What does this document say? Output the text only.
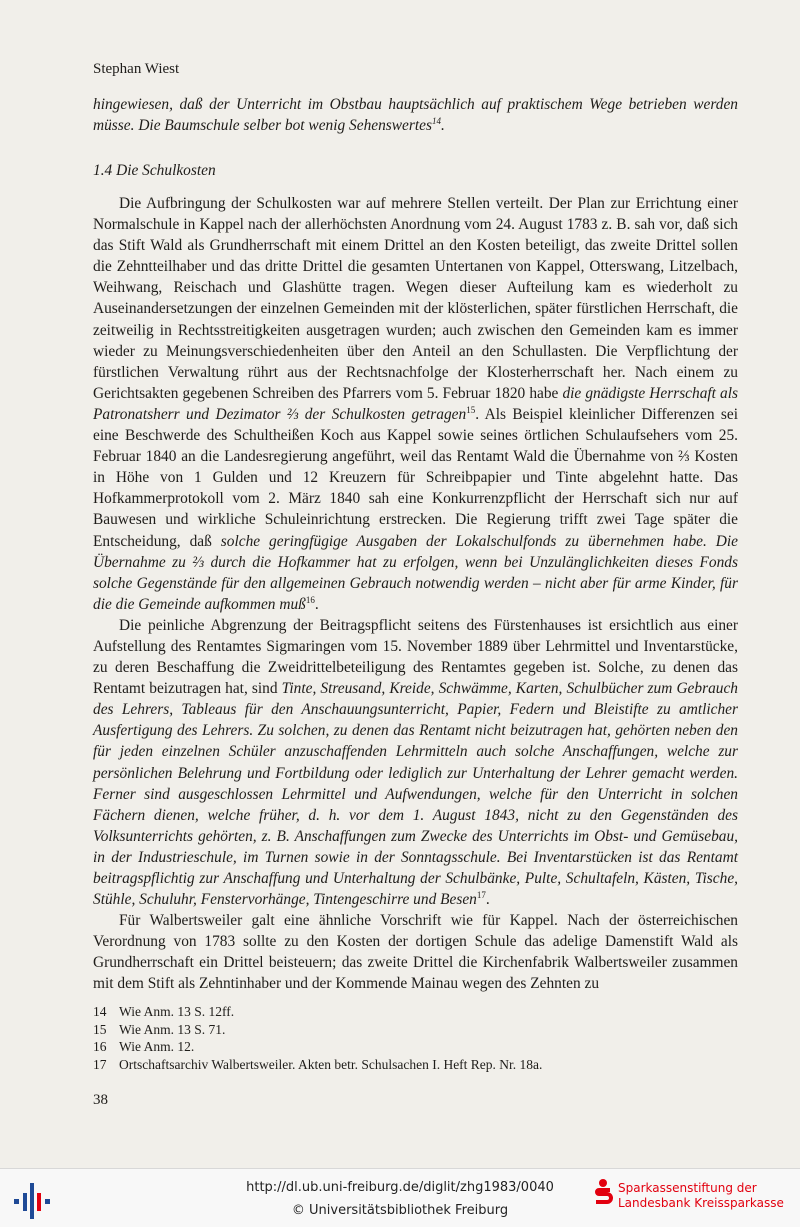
Stephan Wiest

hingewiesen, daß der Unterricht im Obstbau hauptsächlich auf praktischem Wege betrieben werden müsse. Die Baumschule selber bot wenig Sehenswertes$^{14}$.

1.4 Die Schulkosten

Die Aufbringung der Schulkosten war auf mehrere Stellen verteilt. Der Plan zur Errichtung einer Normalschule in Kappel nach der allerhöchsten Anordnung vom 24. August 1783 z. B. sah vor, daß sich das Stift Wald als Grundherrschaft mit einem Drittel an den Kosten beteiligt, das zweite Drittel sollen die Zehntteilhaber und das dritte Drittel die gesamten Untertanen von Kappel, Otterswang, Litzelbach, Weihwang, Reischach und Glashütte tragen. Wegen dieser Aufteilung kam es wiederholt zu Auseinandersetzungen der einzelnen Gemeinden mit der klösterlichen, später fürstlichen Herrschaft, die zeitweilig in Rechtsstreitigkeiten ausgetragen wurden; auch zwischen den Gemeinden kam es immer wieder zu Meinungsverschiedenheiten über den Anteil an den Schullasten. Die Verpflichtung der fürstlichen Verwaltung rührt aus der Rechtsnachfolge der Klosterherrschaft her. Nach einem zu Gerichtsakten gegebenen Schreiben des Pfarrers vom 5. Februar 1820 habe die gnädigste Herrschaft als Patronatsherr und Dezimator ⅔ der Schulkosten getragen$^{15}$. Als Beispiel kleinlicher Differenzen sei eine Beschwerde des Schultheißen Koch aus Kappel sowie seines örtlichen Schulaufsehers vom 25. Februar 1840 an die Landesregierung angeführt, weil das Rentamt Wald die Übernahme von ⅔ Kosten in Höhe von 1 Gulden und 12 Kreuzern für Schreibpapier und Tinte abgelehnt hatte. Das Hofkammerprotokoll vom 2. März 1840 sah eine Konkurrenzpflicht der Herrschaft sich nur auf Bauwesen und wirkliche Schuleinrichtung erstrecken. Die Regierung trifft zwei Tage später die Entscheidung, daß solche geringfügige Ausgaben der Lokalschulfonds zu übernehmen habe. Die Übernahme zu ⅔ durch die Hofkammer hat zu erfolgen, wenn bei Unzulänglichkeiten dieses Fonds solche Gegenstände für den allgemeinen Gebrauch notwendig werden – nicht aber für arme Kinder, für die die Gemeinde aufkommen muß$^{16}$.

Die peinliche Abgrenzung der Beitragspflicht seitens des Fürstenhauses ist ersichtlich aus einer Aufstellung des Rentamtes Sigmaringen vom 15. November 1889 über Lehrmittel und Inventarstücke, zu deren Beschaffung die Zweidrittelbeteiligung des Rentamtes gegeben ist. Solche, zu denen das Rentamt beizutragen hat, sind Tinte, Streusand, Kreide, Schwämme, Karten, Schulbücher zum Gebrauch des Lehrers, Tableaus für den Anschauungsunterricht, Papier, Federn und Bleistifte zu amtlicher Ausfertigung des Lehrers. Zu solchen, zu denen das Rentamt nicht beizutragen hat, gehörten neben den für jeden einzelnen Schüler anzuschaffenden Lehrmitteln auch solche Anschaffungen, welche zur persönlichen Belehrung und Fortbildung oder lediglich zur Unterhaltung der Lehrer gemacht werden. Ferner sind ausgeschlossen Lehrmittel und Aufwendungen, welche für den Unterricht in solchen Fächern dienen, welche früher, d. h. vor dem 1. August 1843, nicht zu den Gegenständen des Volksunterrichts gehörten, z. B. Anschaffungen zum Zwecke des Unterrichts im Obst- und Gemüsebau, in der Industrieschule, im Turnen sowie in der Sonntagsschule. Bei Inventarstücken ist das Rentamt beitragspflichtig zur Anschaffung und Unterhaltung der Schulbänke, Pulte, Schultafeln, Kästen, Tische, Stühle, Schuluhr, Fenstervorhänge, Tintengeschirre und Besen$^{17}$.

Für Walbertsweiler galt eine ähnliche Vorschrift wie für Kappel. Nach der österreichischen Verordnung von 1783 sollte zu den Kosten der dortigen Schule das adelige Damenstift Wald als Grundherrschaft ein Drittel beisteuern; das zweite Drittel die Kirchenfabrik Walbertsweiler zusammen mit dem Stift als Zehntinhaber und der Kommende Mainau wegen des Zehnten zu

14 Wie Anm. 13 S. 12ff.
15 Wie Anm. 13 S. 71.
16 Wie Anm. 12.
17 Ortschaftsarchiv Walbertsweiler. Akten betr. Schulsachen I. Heft Rep. Nr. 18a.
38
http://dl.ub.uni-freiburg.de/diglit/zhg1983/0040
© Universitätsbibliothek Freiburg
Sparkassenstiftung der
Landesbank Kreissparkasse
